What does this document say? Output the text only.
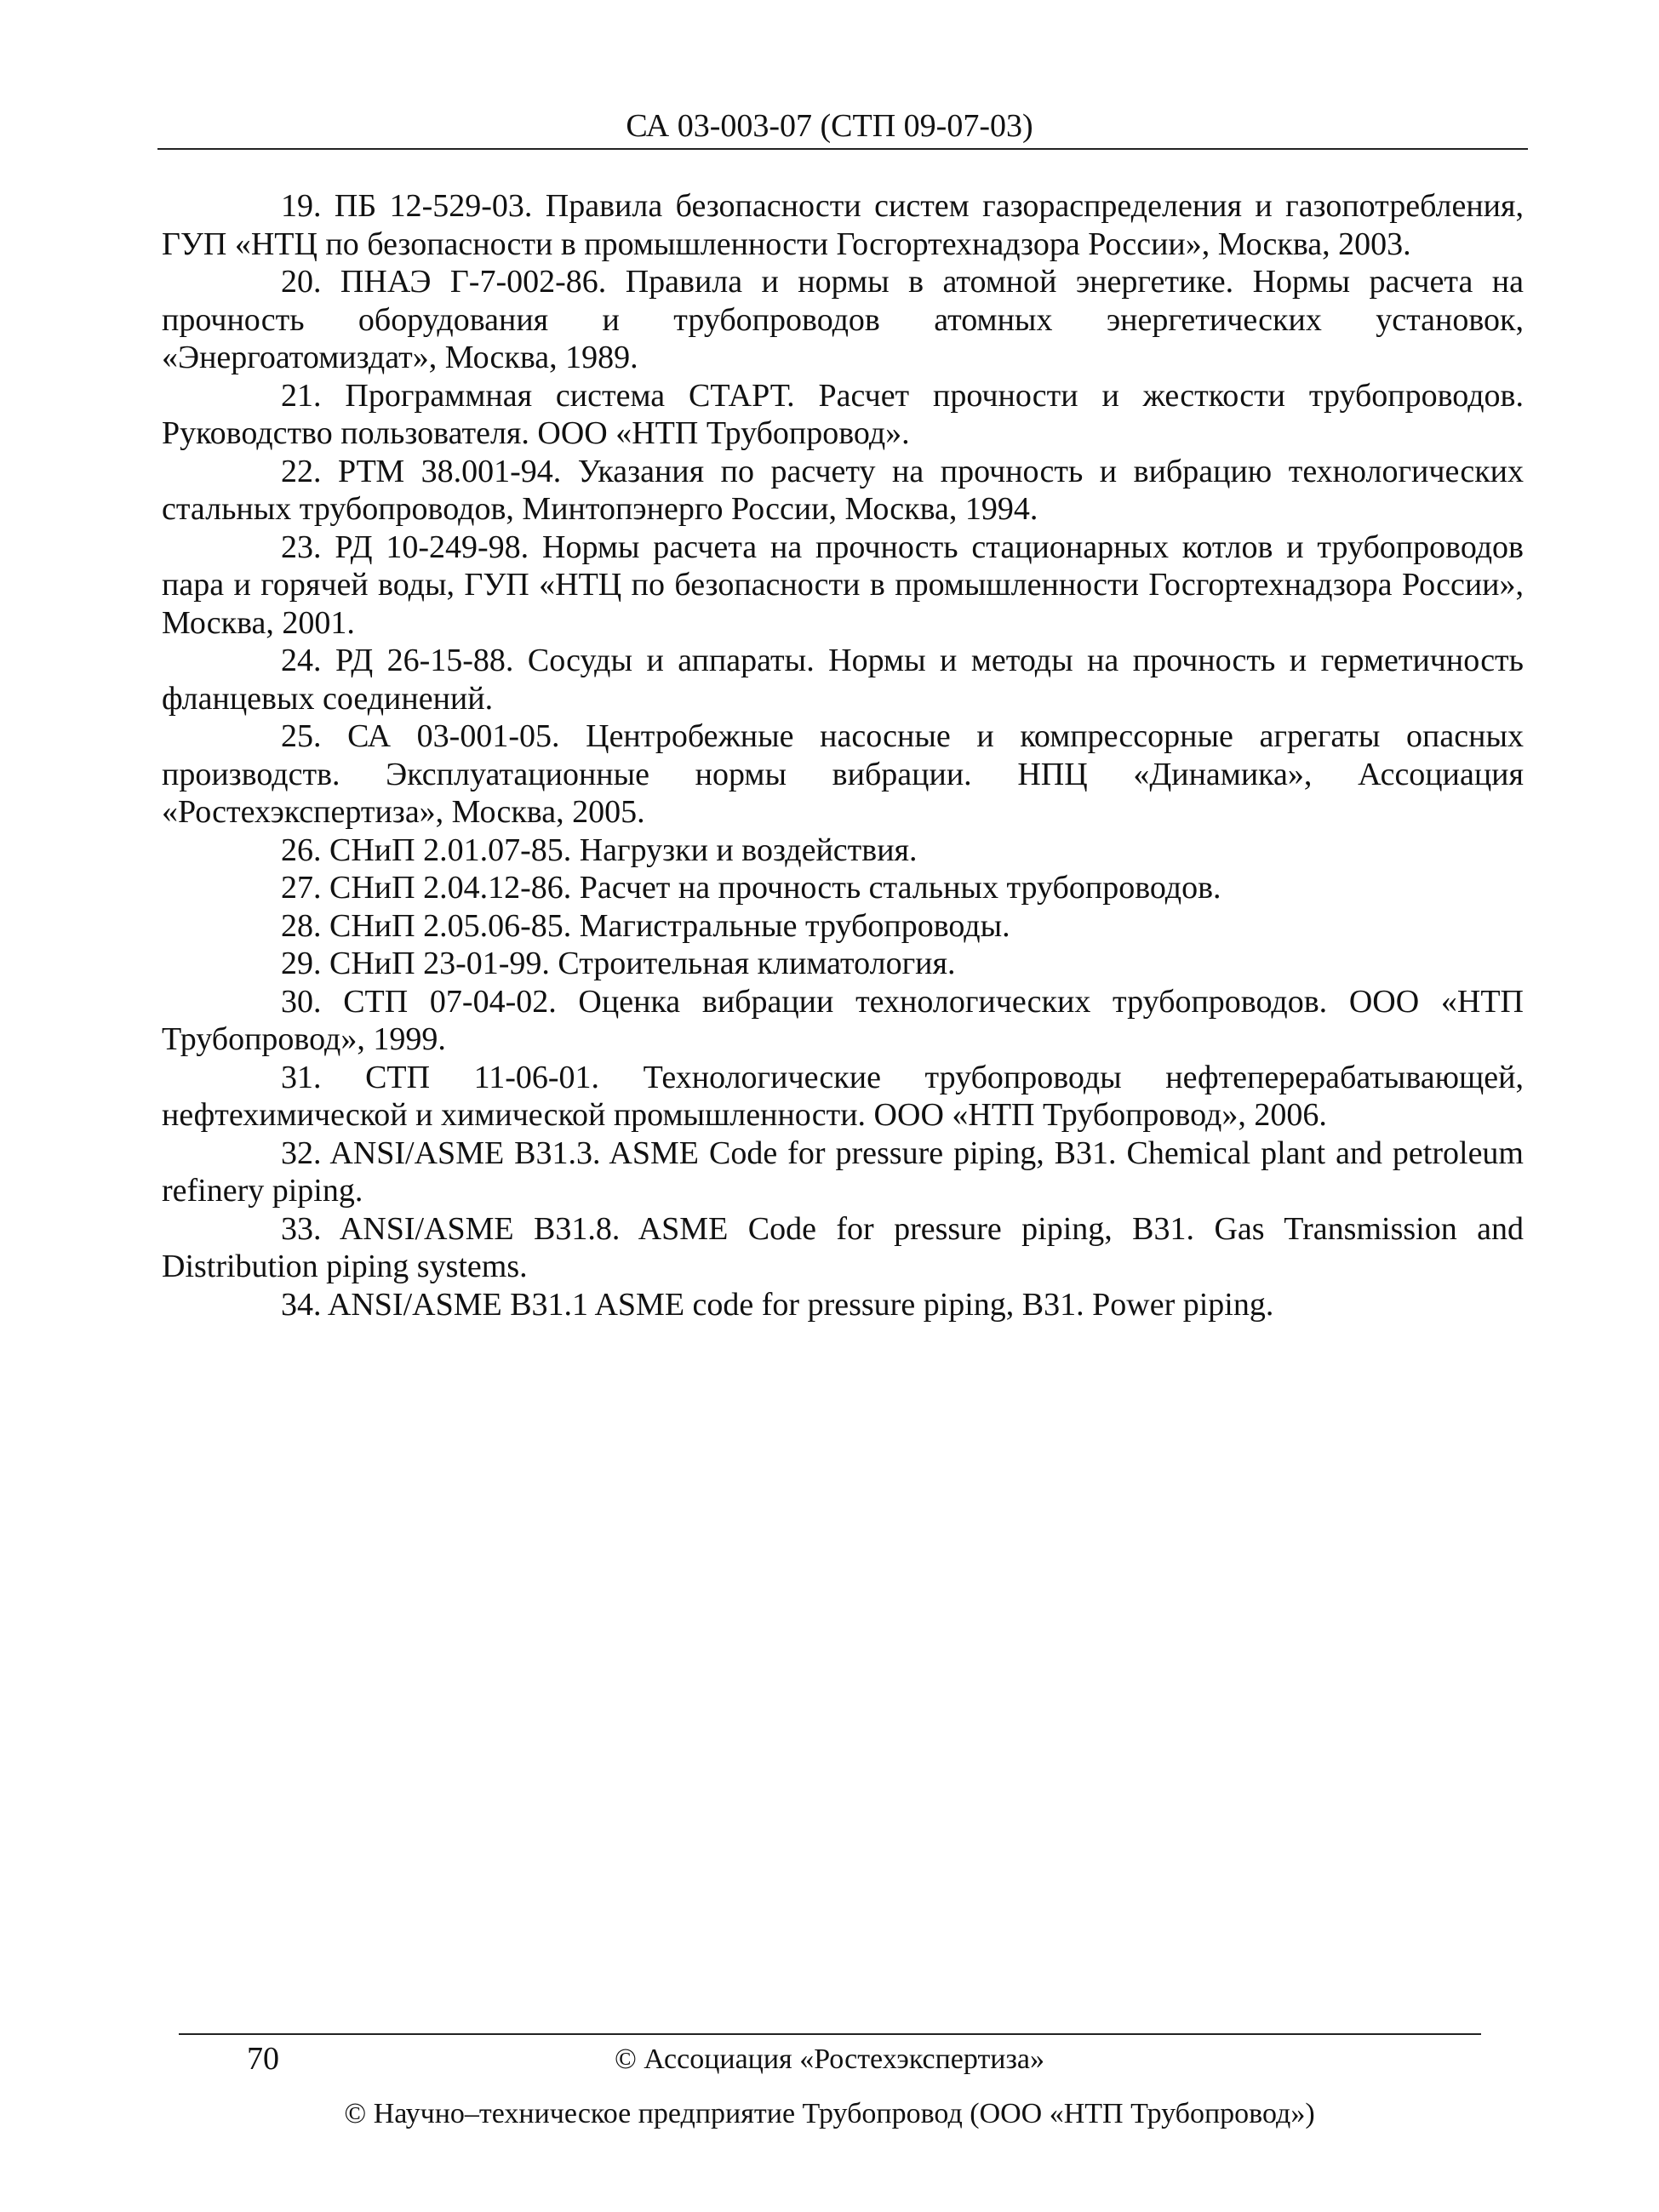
СА 03-003-07 (СТП 09-07-03)

19. ПБ 12-529-03. Правила безопасности систем газораспределения и газопотребления, ГУП «НТЦ по безопасности в промышленности Госгортехнадзора России», Москва, 2003.

20. ПНАЭ Г-7-002-86. Правила и нормы в атомной энергетике. Нормы расчета на прочность оборудования и трубопроводов атомных энергетических установок, «Энергоатомиздат», Москва, 1989.

21. Программная система СТАРТ. Расчет прочности и жесткости трубопроводов. Руководство пользователя. ООО «НТП Трубопровод».

22. РТМ 38.001-94. Указания по расчету на прочность и вибрацию технологических стальных трубопроводов, Минтопэнерго России, Москва, 1994.

23. РД 10-249-98. Нормы расчета на прочность стационарных котлов и трубопроводов пара и горячей воды, ГУП «НТЦ по безопасности в промышленности Госгортехнадзора России», Москва, 2001.

24. РД 26-15-88. Сосуды и аппараты. Нормы и методы на прочность и герметичность фланцевых соединений.

25. СА 03-001-05. Центробежные насосные и компрессорные агрегаты опасных производств. Эксплуатационные нормы вибрации. НПЦ «Динамика», Ассоциация «Ростехэкспертиза», Москва, 2005.

26. СНиП 2.01.07-85. Нагрузки и воздействия.

27. СНиП 2.04.12-86. Расчет на прочность стальных трубопроводов.

28. СНиП 2.05.06-85. Магистральные трубопроводы.

29. СНиП 23-01-99. Строительная климатология.

30. СТП 07-04-02. Оценка вибрации технологических трубопроводов. ООО «НТП Трубопровод», 1999.

31. СТП 11-06-01. Технологические трубопроводы нефтеперерабатывающей, нефтехимической и химической промышленности. ООО «НТП Трубопровод», 2006.

32. ANSI/ASME B31.3. ASME Code for pressure piping, B31. Chemical plant and petroleum refinery piping.

33. ANSI/ASME B31.8. ASME Code for pressure piping, B31. Gas Transmission and Distribution piping systems.

34. ANSI/ASME B31.1 ASME code for pressure piping, B31. Power piping.

70	© Ассоциация «Ростехэкспертиза»
© Научно–техническое предприятие Трубопровод (ООО «НТП Трубопровод»)
